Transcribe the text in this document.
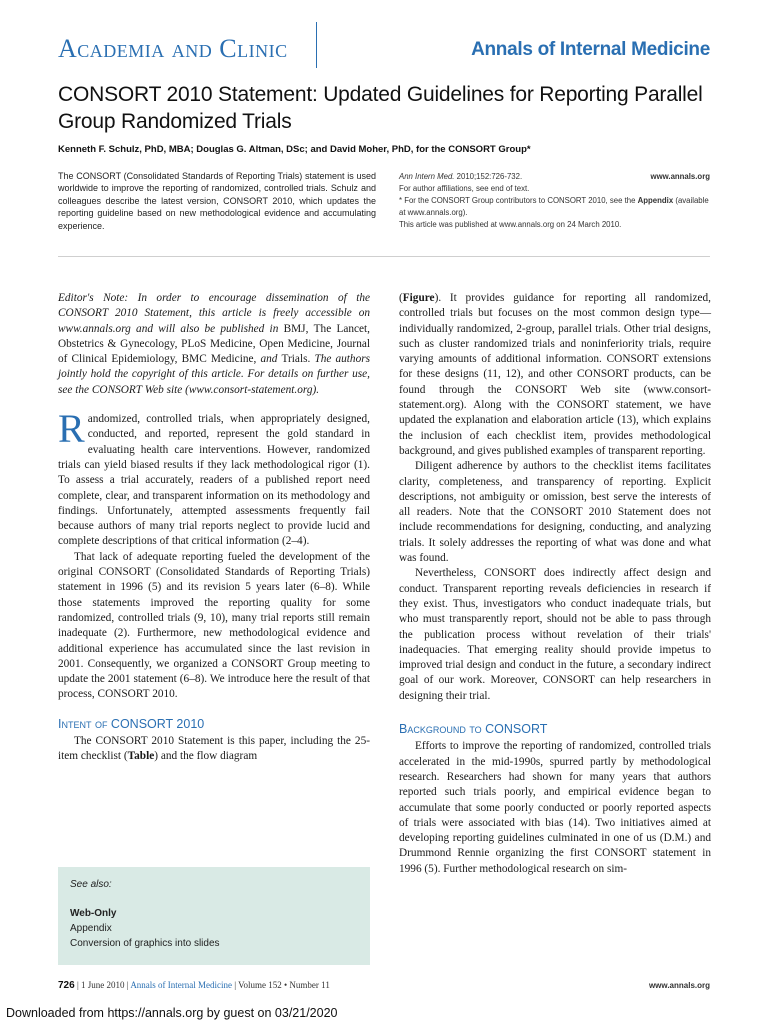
Academia and Clinic	Annals of Internal Medicine
CONSORT 2010 Statement: Updated Guidelines for Reporting Parallel Group Randomized Trials
Kenneth F. Schulz, PhD, MBA; Douglas G. Altman, DSc; and David Moher, PhD, for the CONSORT Group*
The CONSORT (Consolidated Standards of Reporting Trials) statement is used worldwide to improve the reporting of randomized, controlled trials. Schulz and colleagues describe the latest version, CONSORT 2010, which updates the reporting guideline based on new methodological evidence and accumulating experience.
Ann Intern Med. 2010;152:726-732.	www.annals.org
For author affiliations, see end of text.
* For the CONSORT Group contributors to CONSORT 2010, see the Appendix (available at www.annals.org).
This article was published at www.annals.org on 24 March 2010.

Editor's Note: In order to encourage dissemination of the CONSORT 2010 Statement, this article is freely accessible on www.annals.org and will also be published in BMJ, The Lancet, Obstetrics & Gynecology, PLoS Medicine, Open Medicine, Journal of Clinical Epidemiology, BMC Medicine, and Trials. The authors jointly hold the copyright of this article. For details on further use, see the CONSORT Web site (www.consort-statement.org).

Randomized, controlled trials, when appropriately designed, conducted, and reported, represent the gold standard in evaluating health care interventions. However, randomized trials can yield biased results if they lack methodological rigor (1). To assess a trial accurately, readers of a published report need complete, clear, and transparent information on its methodology and findings. Unfortunately, attempted assessments frequently fail because authors of many trial reports neglect to provide lucid and complete descriptions of that critical information (2–4).

That lack of adequate reporting fueled the development of the original CONSORT (Consolidated Standards of Reporting Trials) statement in 1996 (5) and its revision 5 years later (6–8). While those statements improved the reporting quality for some randomized, controlled trials (9, 10), many trial reports still remain inadequate (2). Furthermore, new methodological evidence and additional experience has accumulated since the last revision in 2001. Consequently, we organized a CONSORT Group meeting to update the 2001 statement (6–8). We introduce here the result of that process, CONSORT 2010.

Intent of CONSORT 2010

The CONSORT 2010 Statement is this paper, including the 25-item checklist (Table) and the flow diagram

See also:
Web-Only
Appendix
Conversion of graphics into slides

(Figure). It provides guidance for reporting all randomized, controlled trials but focuses on the most common design type—individually randomized, 2-group, parallel trials. Other trial designs, such as cluster randomized trials and noninferiority trials, require varying amounts of additional information. CONSORT extensions for these designs (11, 12), and other CONSORT products, can be found through the CONSORT Web site (www.consort-statement.org). Along with the CONSORT statement, we have updated the explanation and elaboration article (13), which explains the inclusion of each checklist item, provides methodological background, and gives published examples of transparent reporting.

Diligent adherence by authors to the checklist items facilitates clarity, completeness, and transparency of reporting. Explicit descriptions, not ambiguity or omission, best serve the interests of all readers. Note that the CONSORT 2010 Statement does not include recommendations for designing, conducting, and analyzing trials. It solely addresses the reporting of what was done and what was found.

Nevertheless, CONSORT does indirectly affect design and conduct. Transparent reporting reveals deficiencies in research if they exist. Thus, investigators who conduct inadequate trials, but who must transparently report, should not be able to pass through the publication process without revelation of their trials' inadequacies. That emerging reality should provide impetus to improved trial design and conduct in the future, a secondary indirect goal of our work. Moreover, CONSORT can help researchers in designing their trial.

Background to CONSORT

Efforts to improve the reporting of randomized, controlled trials accelerated in the mid-1990s, spurred partly by methodological research. Researchers had shown for many years that authors reported such trials poorly, and empirical evidence began to accumulate that some poorly conducted or poorly reported aspects of trials were associated with bias (14). Two initiatives aimed at developing reporting guidelines culminated in one of us (D.M.) and Drummond Rennie organizing the first CONSORT statement in 1996 (5). Further methodological research on sim-

726 | 1 June 2010 | Annals of Internal Medicine | Volume 152 • Number 11	www.annals.org
Downloaded from https://annals.org by guest on 03/21/2020
